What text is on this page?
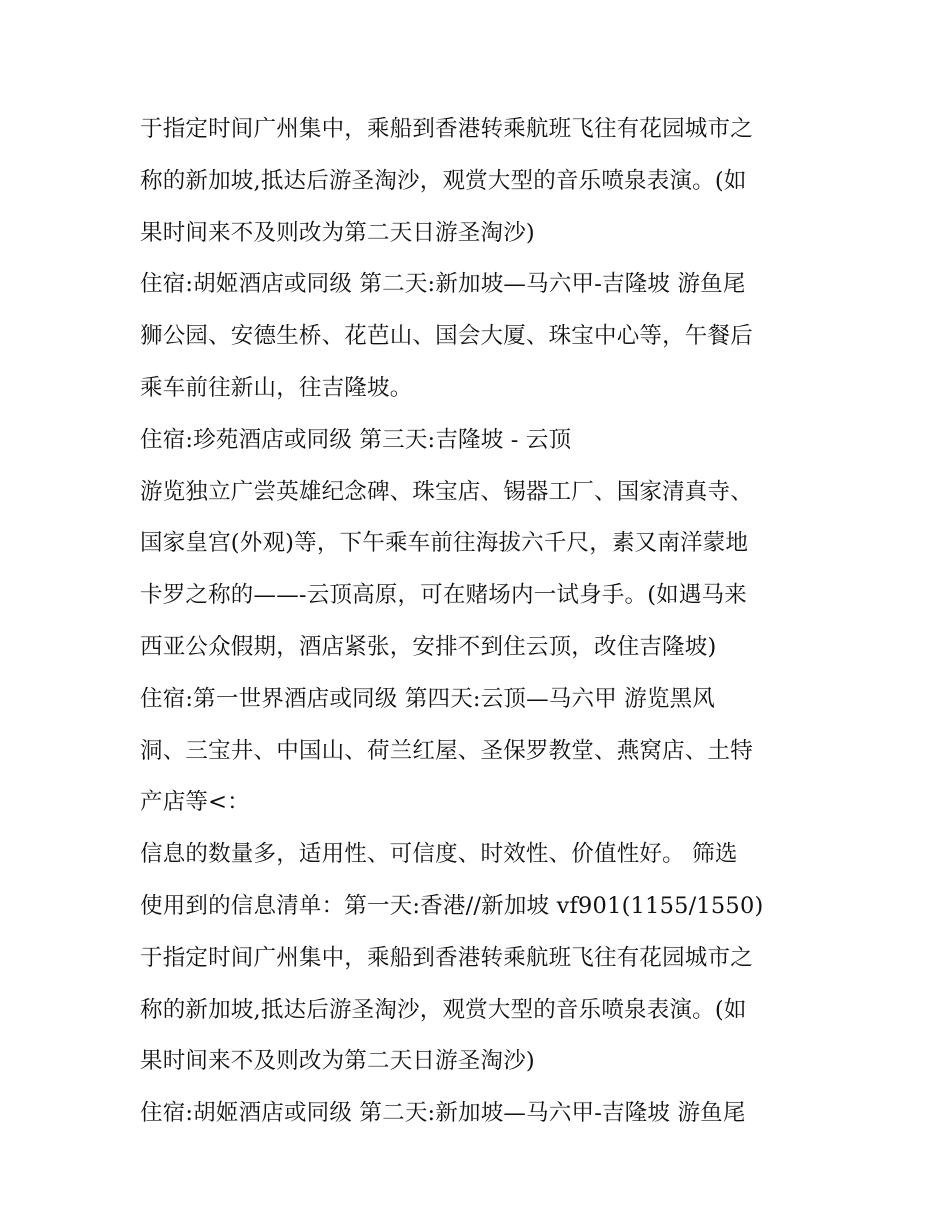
于指定时间广州集中，乘船到香港转乘航班飞往有花园城市之
称的新加坡,抵达后游圣淘沙，观赏大型的音乐喷泉表演。(如
果时间来不及则改为第二天日游圣淘沙)
住宿:胡姬酒店或同级 第二天:新加坡—马六甲-吉隆坡 游鱼尾
狮公园、安德生桥、花芭山、国会大厦、珠宝中心等，午餐后
乘车前往新山，往吉隆坡。
住宿:珍苑酒店或同级 第三天:吉隆坡 - 云顶
游览独立广尝英雄纪念碑、珠宝店、锡器工厂、国家清真寺、
国家皇宫(外观)等，下午乘车前往海拔六千尺，素又南洋蒙地
卡罗之称的——-云顶高原，可在赌场内一试身手。(如遇马来
西亚公众假期，酒店紧张，安排不到住云顶，改住吉隆坡)
住宿:第一世界酒店或同级 第四天:云顶—马六甲 游览黑风
洞、三宝井、中国山、荷兰红屋、圣保罗教堂、燕窝店、土特
产店等<：
信息的数量多，适用性、可信度、时效性、价值性好。 筛选
使用到的信息清单：第一天:香港//新加坡 vf901(1155/1550)
于指定时间广州集中，乘船到香港转乘航班飞往有花园城市之
称的新加坡,抵达后游圣淘沙，观赏大型的音乐喷泉表演。(如
果时间来不及则改为第二天日游圣淘沙)
住宿:胡姬酒店或同级 第二天:新加坡—马六甲-吉隆坡 游鱼尾
